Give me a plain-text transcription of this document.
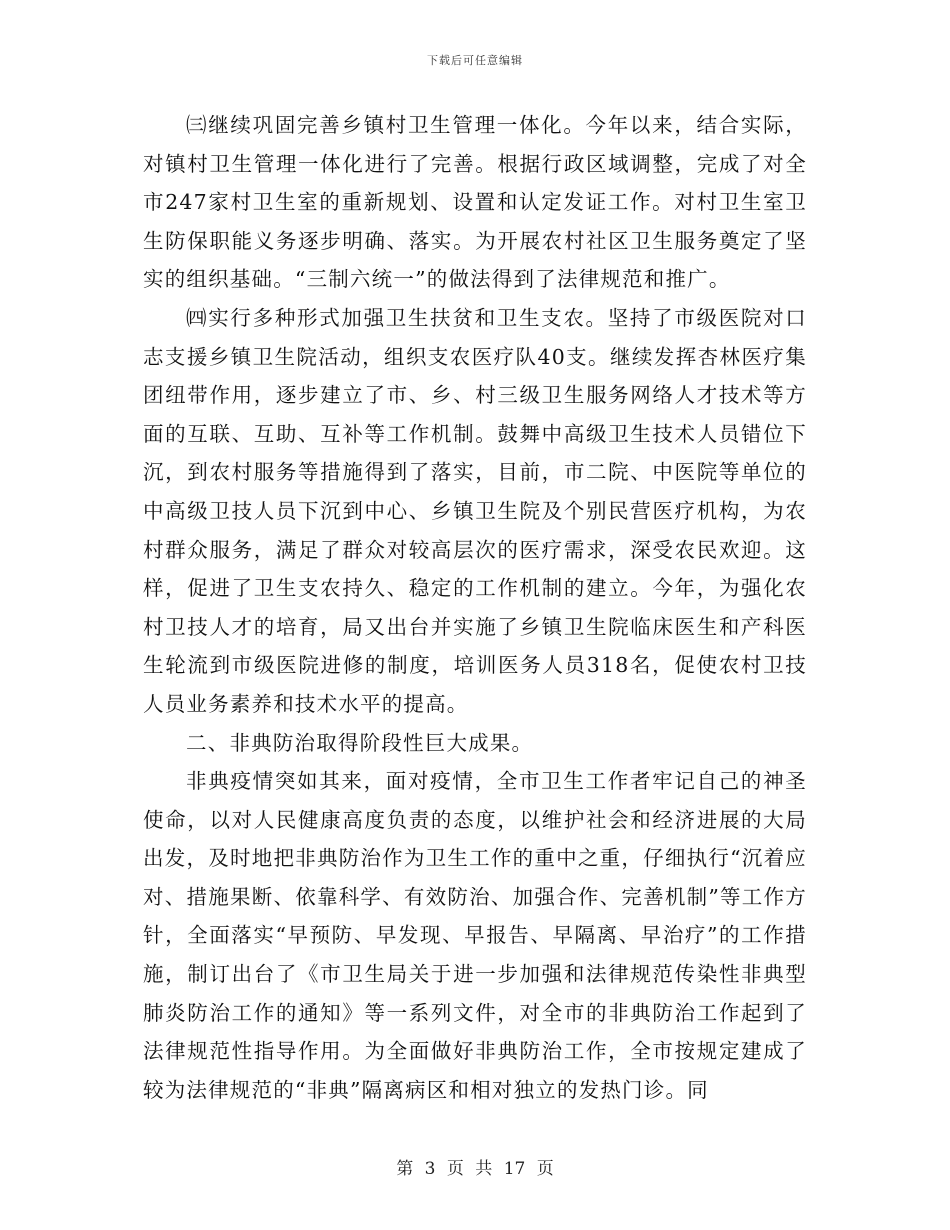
下载后可任意编辑

㈢继续巩固完善乡镇村卫生管理一体化。今年以来，结合实际，对镇村卫生管理一体化进行了完善。根据行政区域调整，完成了对全市247家村卫生室的重新规划、设置和认定发证工作。对村卫生室卫生防保职能义务逐步明确、落实。为开展农村社区卫生服务奠定了坚实的组织基础。“三制六统一”的做法得到了法律规范和推广。

㈣实行多种形式加强卫生扶贫和卫生支农。坚持了市级医院对口志支援乡镇卫生院活动，组织支农医疗队40支。继续发挥杏林医疗集团纽带作用，逐步建立了市、乡、村三级卫生服务网络人才技术等方面的互联、互助、互补等工作机制。鼓舞中高级卫生技术人员错位下沉，到农村服务等措施得到了落实，目前，市二院、中医院等单位的中高级卫技人员下沉到中心、乡镇卫生院及个别民营医疗机构，为农村群众服务，满足了群众对较高层次的医疗需求，深受农民欢迎。这样，促进了卫生支农持久、稳定的工作机制的建立。今年，为强化农村卫技人才的培育，局又出台并实施了乡镇卫生院临床医生和产科医生轮流到市级医院进修的制度，培训医务人员318名，促使农村卫技人员业务素养和技术水平的提高。

二、非典防治取得阶段性巨大成果。

非典疫情突如其来，面对疫情，全市卫生工作者牢记自己的神圣使命，以对人民健康高度负责的态度，以维护社会和经济进展的大局出发，及时地把非典防治作为卫生工作的重中之重，仔细执行“沉着应对、措施果断、依靠科学、有效防治、加强合作、完善机制”等工作方针，全面落实“早预防、早发现、早报告、早隔离、早治疗”的工作措施，制订出台了《市卫生局关于进一步加强和法律规范传染性非典型肺炎防治工作的通知》等一系列文件，对全市的非典防治工作起到了法律规范性指导作用。为全面做好非典防治工作，全市按规定建成了较为法律规范的“非典”隔离病区和相对独立的发热门诊。同

第 3 页 共 17 页
